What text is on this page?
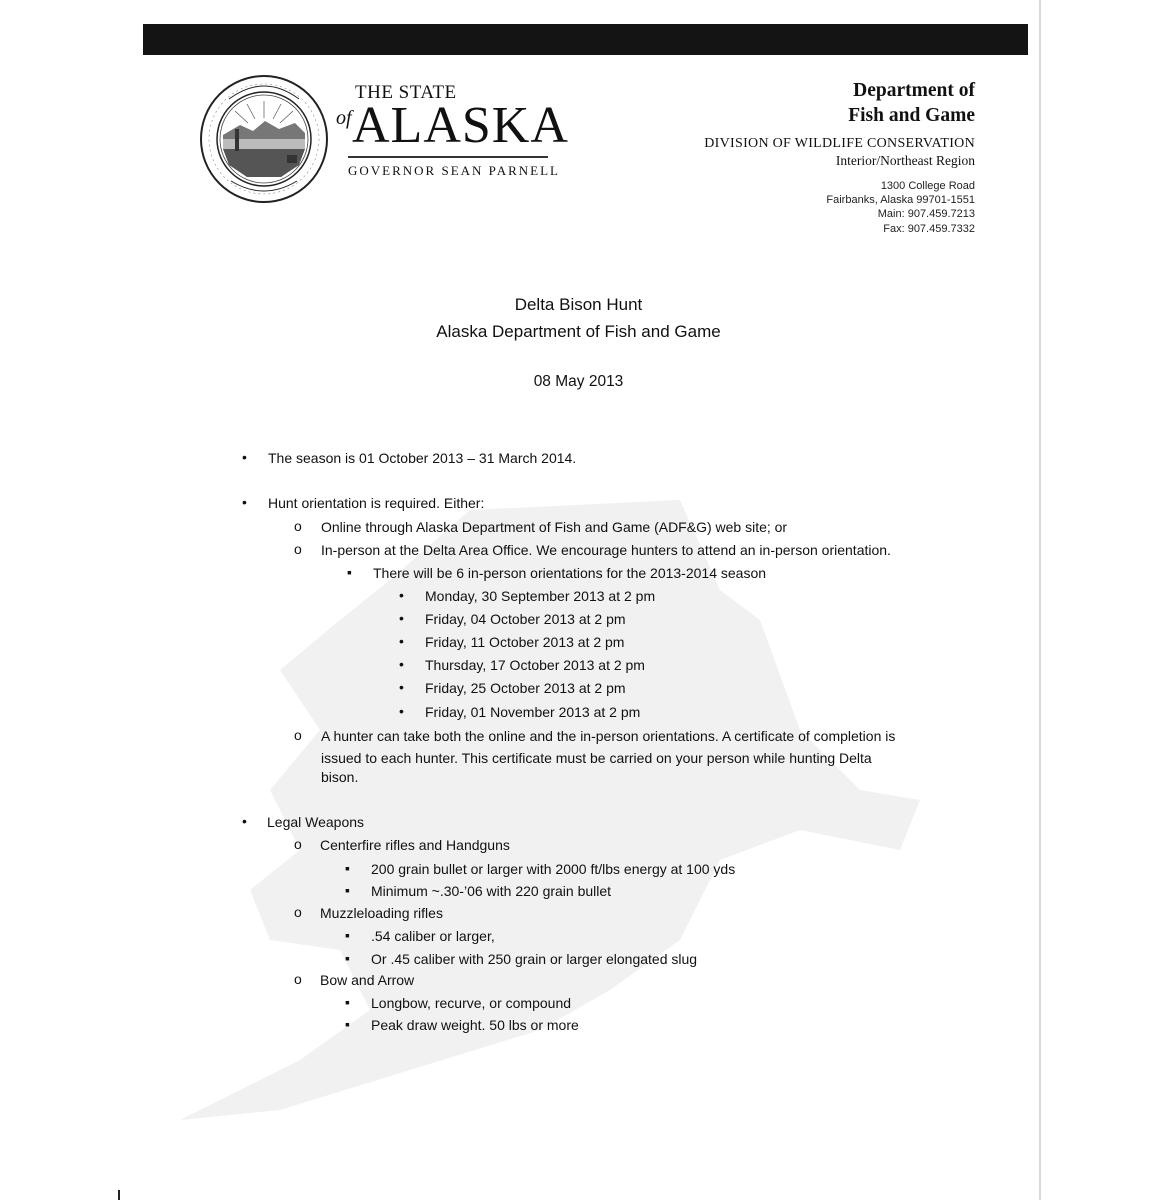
THE STATE
of ALASKA
GOVERNOR SEAN PARNELL
Department of
Fish and Game
DIVISION OF WILDLIFE CONSERVATION
Interior/Northeast Region
1300 College Road
Fairbanks, Alaska 99701-1551
Main: 907.459.7213
Fax: 907.459.7332
Delta Bison Hunt
Alaska Department of Fish and Game
08 May 2013
• The season is 01 October 2013 – 31 March 2014.
• Hunt orientation is required. Either:
o Online through Alaska Department of Fish and Game (ADF&G) web site; or
o In-person at the Delta Area Office. We encourage hunters to attend an in-person orientation.
▪ There will be 6 in-person orientations for the 2013-2014 season
• Monday, 30 September 2013 at 2 pm
• Friday, 04 October 2013 at 2 pm
• Friday, 11 October 2013 at 2 pm
• Thursday, 17 October 2013 at 2 pm
• Friday, 25 October 2013 at 2 pm
• Friday, 01 November 2013 at 2 pm
o A hunter can take both the online and the in-person orientations. A certificate of completion is
issued to each hunter. This certificate must be carried on your person while hunting Delta
bison.
• Legal Weapons
o Centerfire rifles and Handguns
▪ 200 grain bullet or larger with 2000 ft/lbs energy at 100 yds
▪ Minimum ~.30-’06 with 220 grain bullet
o Muzzleloading rifles
▪ .54 caliber or larger,
▪ Or .45 caliber with 250 grain or larger elongated slug
o Bow and Arrow
▪ Longbow, recurve, or compound
▪ Peak draw weight. 50 lbs or more
